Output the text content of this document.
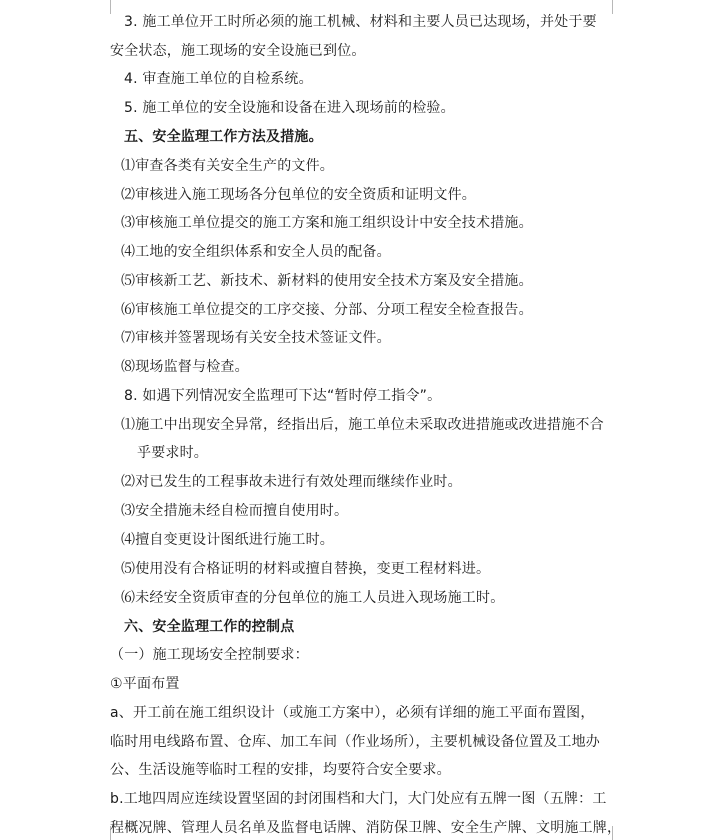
3. 施工单位开工时所必须的施工机械、材料和主要人员已达现场，并处于要
安全状态，施工现场的安全设施已到位。
4. 审查施工单位的自检系统。
5. 施工单位的安全设施和设备在进入现场前的检验。
五、安全监理工作方法及措施。
⑴审查各类有关安全生产的文件。
⑵审核进入施工现场各分包单位的安全资质和证明文件。
⑶审核施工单位提交的施工方案和施工组织设计中安全技术措施。
⑷工地的安全组织体系和安全人员的配备。
⑸审核新工艺、新技术、新材料的使用安全技术方案及安全措施。
⑹审核施工单位提交的工序交接、分部、分项工程安全检查报告。
⑺审核并签署现场有关安全技术签证文件。
⑻现场监督与检查。
8. 如遇下列情况安全监理可下达“暂时停工指令”。
⑴施工中出现安全异常，经指出后，施工单位未采取改进措施或改进措施不合
乎要求时。
⑵对已发生的工程事故未进行有效处理而继续作业时。
⑶安全措施未经自检而擅自使用时。
⑷擅自变更设计图纸进行施工时。
⑸使用没有合格证明的材料或擅自替换，变更工程材料进。
⑹未经安全资质审查的分包单位的施工人员进入现场施工时。
六、安全监理工作的控制点
（一）施工现场安全控制要求：
①平面布置
a、开工前在施工组织设计（或施工方案中），必须有详细的施工平面布置图，
临时用电线路布置、仓库、加工车间（作业场所），主要机械设备位置及工地办
公、生活设施等临时工程的安排，均要符合安全要求。
b.工地四周应连续设置坚固的封闭围档和大门，大门处应有五牌一图（五牌：工
程概况牌、管理人员名单及监督电话牌、消防保卫牌、安全生产牌、文明施工牌，
